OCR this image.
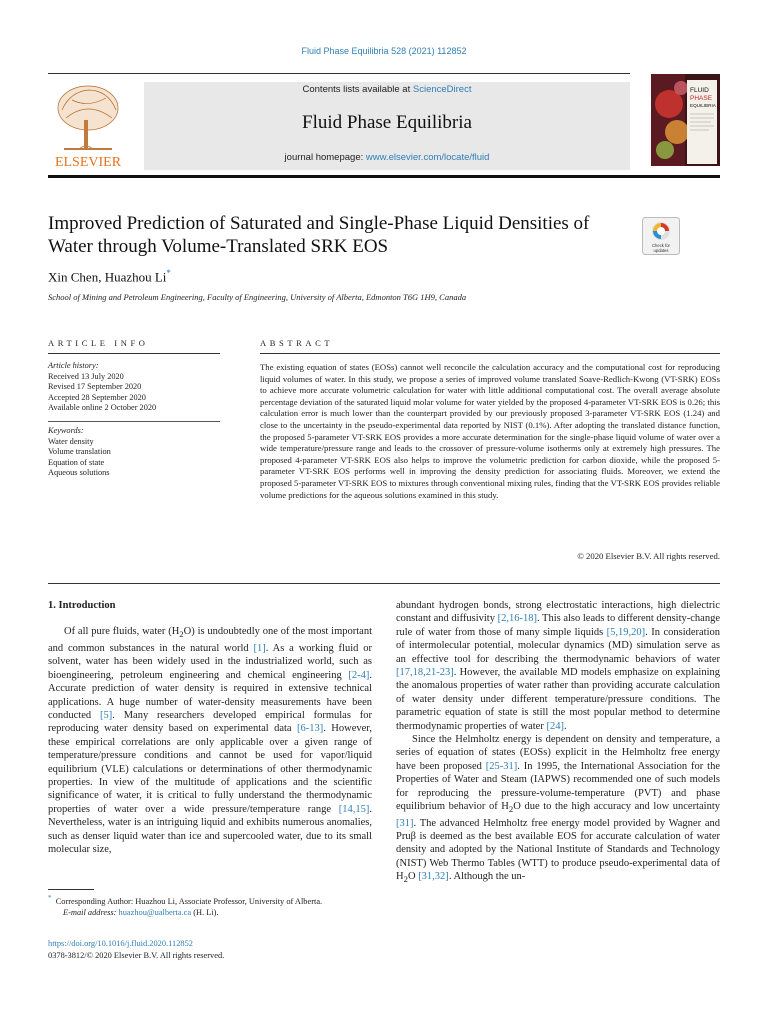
Fluid Phase Equilibria 528 (2021) 112852
ELSEVIER
Contents lists available at ScienceDirect
Fluid Phase Equilibria
journal homepage: www.elsevier.com/locate/fluid
FLUID
PHASE
EQUILIBRIA
Improved Prediction of Saturated and Single-Phase Liquid Densities of
Water through Volume-Translated SRK EOS	Check for
updates
Xin Chen, Huazhou Li*
School of Mining and Petroleum Engineering, Faculty of Engineering, University of Alberta, Edmonton T6G 1H9, Canada
ARTICLE INFO	ABSTRACT
Article history:
Received 13 July 2020
Revised 17 September 2020
Accepted 28 September 2020
Available online 2 October 2020
Keywords:
Water density
Volume translation
Equation of state
Aqueous solutions
The existing equation of states (EOSs) cannot well reconcile the calculation accuracy and the computational cost for reproducing liquid volumes of water. In this study, we propose a series of improved volume translated Soave-Redlich-Kwong (VT-SRK) EOSs to achieve more accurate volumetric calculation for water with little additional computational cost. The overall average absolute percentage deviation of the saturated liquid molar volume for water yielded by the proposed 4-parameter VT-SRK EOS is 0.26; this calculation error is much lower than the counterpart provided by our previously proposed 3-parameter VT-SRK EOS (1.24) and close to the uncertainty in the pseudo-experimental data reported by NIST (0.1%). After adopting the translated distance function, the proposed 5-parameter VT-SRK EOS provides a more accurate determination for the single-phase liquid volume of water over a wide temperature/pressure range and leads to the crossover of pressure-volume isotherms only at extremely high pressures. The proposed 4-parameter VT-SRK EOS also helps to improve the volumetric prediction for carbon dioxide, while the proposed 5-parameter VT-SRK EOS performs well in improving the density prediction for associating fluids. Moreover, we extend the proposed 5-parameter VT-SRK EOS to mixtures through conventional mixing rules, finding that the VT-SRK EOS provides reliable volume predictions for the aqueous solutions examined in this study.
© 2020 Elsevier B.V. All rights reserved.

1. Introduction

Of all pure fluids, water $(H_2O)$ is undoubtedly one of the most important and common substances in the natural world [1]. As a working fluid or solvent, water has been widely used in the industrialized world, such as bioengineering, petroleum engineering and chemical engineering [2-4]. Accurate prediction of water density is required in extensive technical applications. A huge number of water-density measurements have been conducted [5]. Many researchers developed empirical formulas for reproducing water density based on experimental data [6-13]. However, these empirical correlations are only applicable over a given range of temperature/pressure conditions and cannot be used for vapor/liquid equilibrium (VLE) calculations or determinations of other thermodynamic properties. In view of the multitude of applications and the scientific significance of water, it is critical to fully understand the thermodynamic properties of water over a wide pressure/temperature range [14,15]. Nevertheless, water is an intriguing liquid and exhibits numerous anomalies, such as denser liquid water than ice and supercooled water, due to its small molecular size,

abundant hydrogen bonds, strong electrostatic interactions, high dielectric constant and diffusivity [2,16-18]. This also leads to different density-change rule of water from those of many simple liquids [5,19,20]. In consideration of intermolecular potential, molecular dynamics (MD) simulation serve as an effective tool for describing the thermodynamic behaviors of water [17,18,21-23]. However, the available MD models emphasize on explaining the anomalous properties of water rather than providing accurate calculation of water density under different temperature/pressure conditions. The parametric equation of state is still the most popular method to determine thermodynamic properties of water [24].

Since the Helmholtz energy is dependent on density and temperature, a series of equation of states (EOSs) explicit in the Helmholtz free energy have been proposed [25-31]. In 1995, the International Association for the Properties of Water and Steam (IAPWS) recommended one of such models for reproducing the pressure-volume-temperature (PVT) and phase equilibrium behavior of $H_2O$ due to the high accuracy and low uncertainty [31]. The advanced Helmholtz free energy model provided by Wagner and Pruβ is deemed as the best available EOS for accurate calculation of water density and adopted by the National Institute of Standards and Technology (NIST) Web Thermo Tables (WTT) to produce pseudo-experimental data of $H_2O$ [31,32]. Although the un-

* Corresponding Author: Huazhou Li, Associate Professor, University of Alberta.
E-mail address: huazhou@ualberta.ca (H. Li).
https://doi.org/10.1016/j.fluid.2020.112852
0378-3812/© 2020 Elsevier B.V. All rights reserved.
